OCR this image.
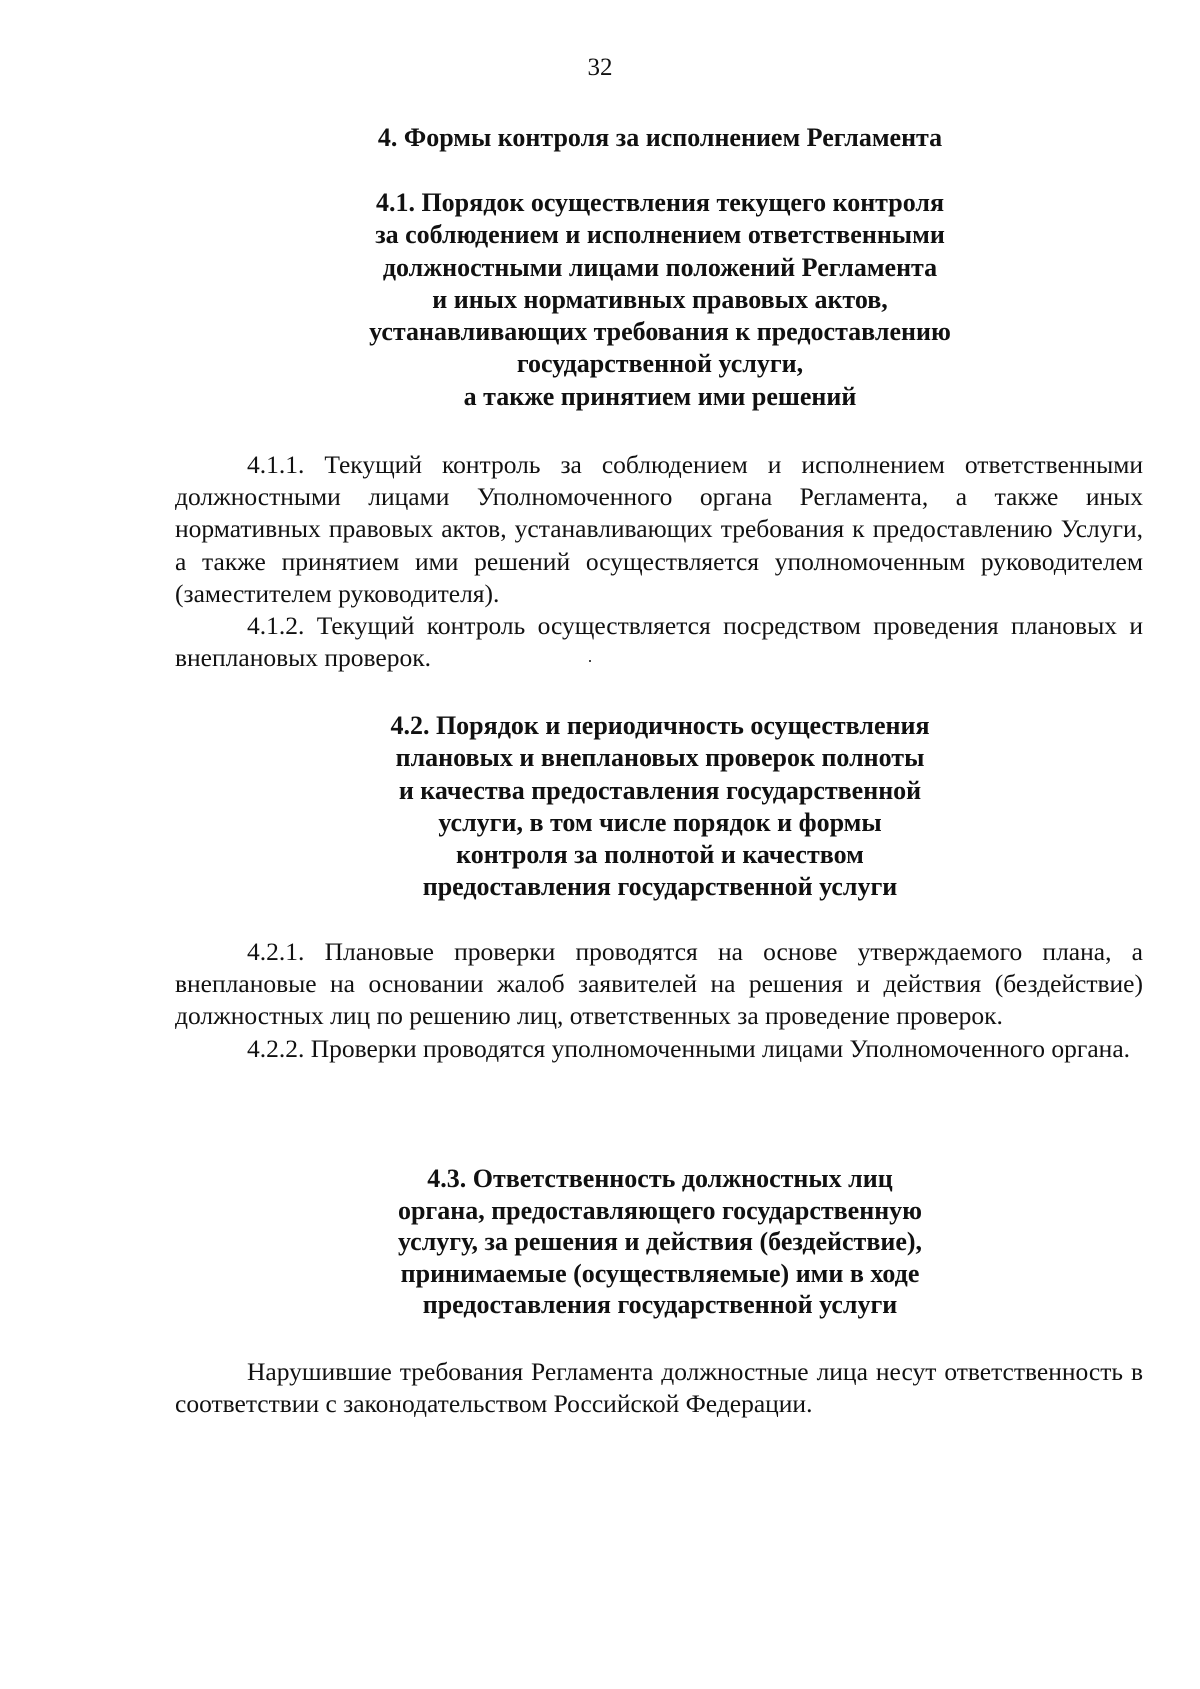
32
4. Формы контроля за исполнением Регламента
4.1. Порядок осуществления текущего контроля
за соблюдением и исполнением ответственными
должностными лицами положений Регламента
и иных нормативных правовых актов,
устанавливающих требования к предоставлению
государственной услуги,
а также принятием ими решений

4.1.1. Текущий контроль за соблюдением и исполнением ответственными должностными лицами Уполномоченного органа Регламента, а также иных нормативных правовых актов, устанавливающих требования к предоставлению Услуги, а также принятием ими решений осуществляется уполномоченным руководителем (заместителем руководителя).

4.1.2. Текущий контроль осуществляется посредством проведения плановых и внеплановых проверок.

4.2. Порядок и периодичность осуществления
плановых и внеплановых проверок полноты
и качества предоставления государственной
услуги, в том числе порядок и формы
контроля за полнотой и качеством
предоставления государственной услуги

4.2.1. Плановые проверки проводятся на основе утверждаемого плана, а внеплановые на основании жалоб заявителей на решения и действия (бездействие) должностных лиц по решению лиц, ответственных за проведение проверок.

4.2.2. Проверки проводятся уполномоченными лицами Уполномоченного органа.

4.3. Ответственность должностных лиц
органа, предоставляющего государственную
услугу, за решения и действия (бездействие),
принимаемые (осуществляемые) ими в ходе
предоставления государственной услуги

Нарушившие требования Регламента должностные лица несут ответственность в соответствии с законодательством Российской Федерации.
